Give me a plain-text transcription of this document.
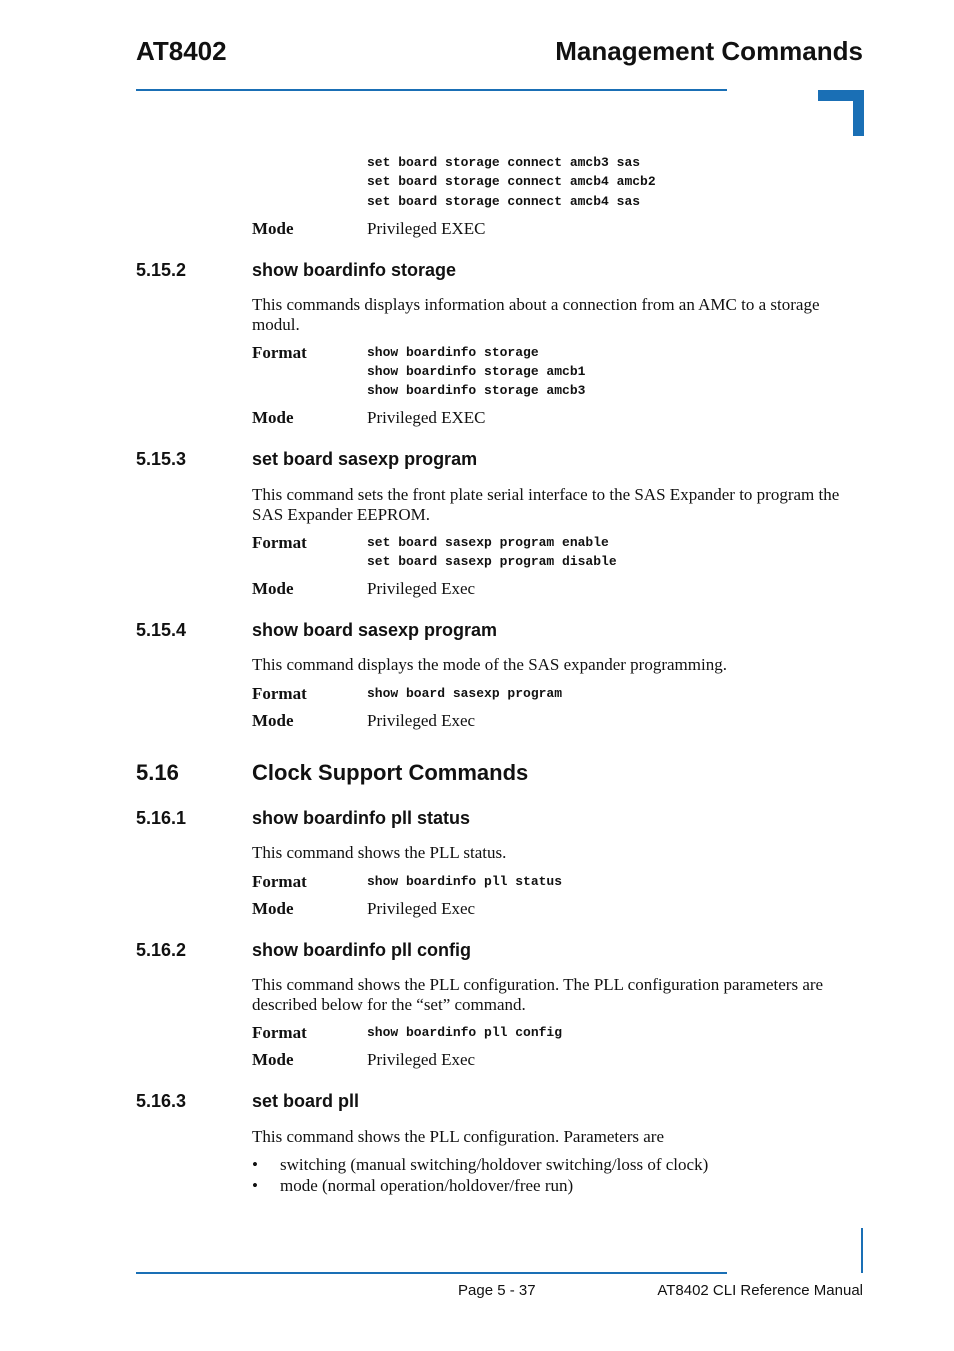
AT8402	Management Commands
set board storage connect amcb3 sas
set board storage connect amcb4 amcb2
set board storage connect amcb4 sas
Mode	Privileged EXEC
5.15.2	show boardinfo storage
This commands displays information about a connection from an AMC to a storage modul.
Format	show boardinfo storage
show boardinfo storage amcb1
show boardinfo storage amcb3
Mode	Privileged EXEC
5.15.3	set board sasexp program
This command sets the front plate serial interface to the SAS Expander to program the SAS Expander EEPROM.
Format	set board sasexp program enable
set board sasexp program disable
Mode	Privileged Exec
5.15.4	show board sasexp program
This command displays the mode of the SAS expander programming.
Format	show board sasexp program
Mode	Privileged Exec
5.16	Clock Support Commands
5.16.1	show boardinfo pll status
This command shows the PLL status.
Format	show boardinfo pll status
Mode	Privileged Exec
5.16.2	show boardinfo pll config
This command shows the PLL configuration. The PLL configuration parameters are described below for the “set” command.
Format	show boardinfo pll config
Mode	Privileged Exec
5.16.3	set board pll
This command shows the PLL configuration. Parameters are
• switching (manual switching/holdover switching/loss of clock)
• mode (normal operation/holdover/free run)
Page 5 - 37	AT8402 CLI Reference Manual
